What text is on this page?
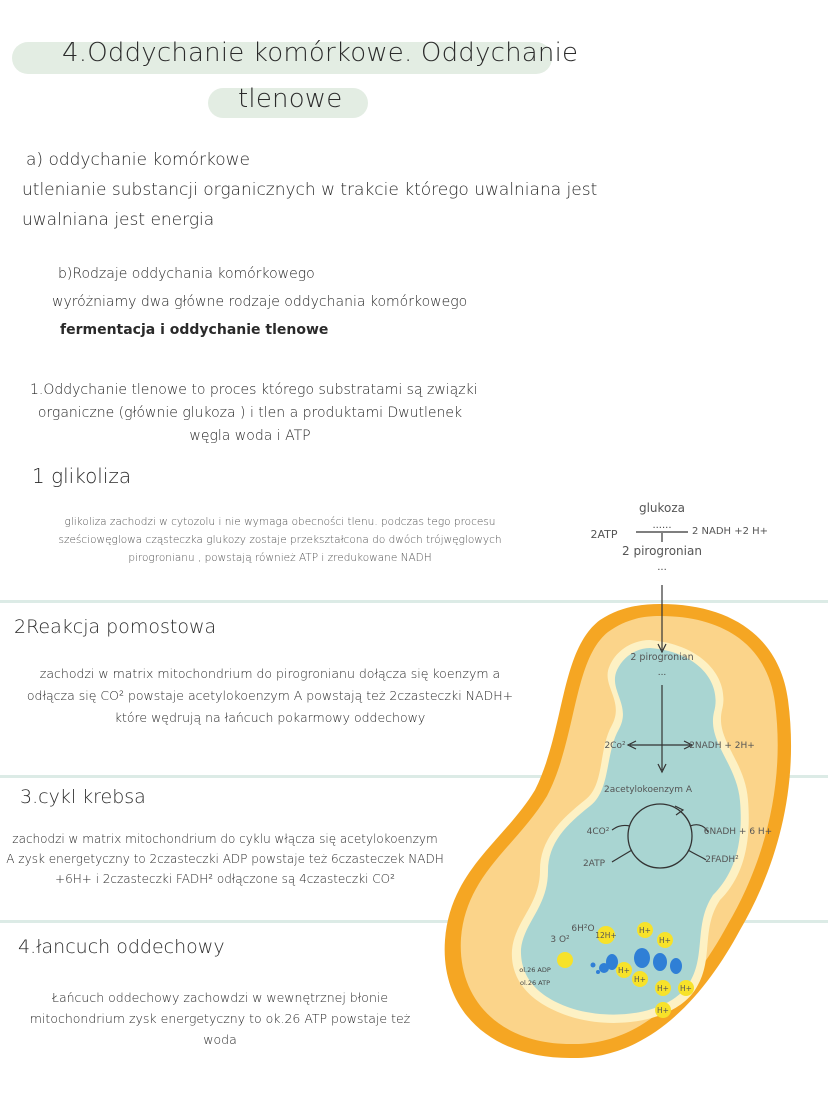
4.Oddychanie komórkowe. Oddychanie
tlenowe
a) oddychanie komórkowe
utlenianie substancji organicznych w trakcie którego uwalniana jest
uwalniana jest energia
b)Rodzaje oddychania komórkowego
wyróżniamy dwa główne rodzaje oddychania komórkowego
fermentacja i oddychanie tlenowe
1.Oddychanie tlenowe to proces którego substratami są związki
organiczne (głównie glukoza ) i tlen a produktami Dwutlenek
węgla woda i ATP
1 glikoliza
glikoliza zachodzi w cytozolu i nie wymaga obecności tlenu. podczas tego procesu
sześciowęglowa cząsteczka glukozy zostaje przekształcona do dwóch trójwęglowych
pirogronianu , powstają również ATP i zredukowane NADH
2Reakcja pomostowa
zachodzi w matrix mitochondrium do pirogronianu dołącza się koenzym a
odłącza się CO² powstaje acetylokoenzym A powstają też 2czasteczki NADH+
które wędrują na łańcuch pokarmowy oddechowy
3.cykl krebsa
zachodzi w matrix mitochondrium do cyklu włącza się acetylokoenzym
A zysk energetyczny to 2czasteczki ADP powstaje też 6czasteczek NADH
+6H+ i 2czasteczki FADH² odłączone są 4czasteczki CO²
4.łancuch oddechowy
Łańcuch oddechowy zachowdzi w wewnętrznej błonie
mitochondrium zysk energetyczny to ok.26 ATP powstaje też
woda
glukoza
......
2ATP	2 NADH +2 H+
2 pirogronian
...
2 pirogronian
...
2Co²	2NADH + 2H+
2acetylokoenzym A
4CO²	6NADH + 6 H+
2ATP	2FADH²
6H²O
3 O²	12H+
H+
H+
H+
H+
H+ H+
H+
ol.26 ADP
ol.26 ATP
